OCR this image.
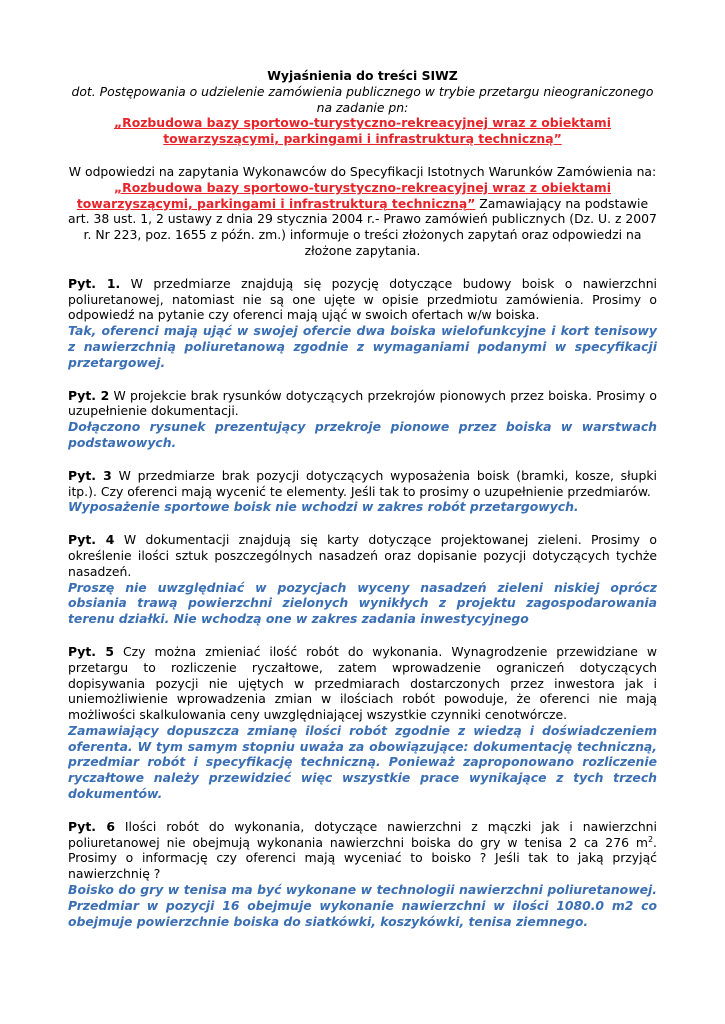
Wyjaśnienia do treści SIWZ
dot. Postępowania o udzielenie zamówienia publicznego w trybie przetargu nieograniczonego
na zadanie pn:
„Rozbudowa bazy sportowo-turystyczno-rekreacyjnej wraz z obiektami
towarzyszącymi, parkingami i infrastrukturą techniczną”
W odpowiedzi na zapytania Wykonawców do Specyfikacji Istotnych Warunków Zamówienia na:
„Rozbudowa bazy sportowo-turystyczno-rekreacyjnej wraz z obiektami
towarzyszącymi, parkingami i infrastrukturą techniczną” Zamawiający na podstawie art. 38 ust. 1, 2 ustawy z dnia 29 stycznia 2004 r.- Prawo zamówień publicznych (Dz. U. z 2007 r. Nr 223, poz. 1655 z późn. zm.) informuje o treści złożonych zapytań oraz odpowiedzi na złożone zapytania.
Pyt. 1. W przedmiarze znajdują się pozycję dotyczące budowy boisk o nawierzchni poliuretanowej, natomiast nie są one ujęte w opisie przedmiotu zamówienia. Prosimy o odpowiedź na pytanie czy oferenci mają ująć w swoich ofertach w/w boiska.
Tak, oferenci mają ująć w swojej ofercie dwa boiska wielofunkcyjne i kort tenisowy z nawierzchnią poliuretanową zgodnie z wymaganiami podanymi w specyfikacji przetargowej.
Pyt. 2 W projekcie brak rysunków dotyczących przekrojów pionowych przez boiska. Prosimy o uzupełnienie dokumentacji.
Dołączono rysunek prezentujący przekroje pionowe przez boiska w warstwach podstawowych.
Pyt. 3 W przedmiarze brak pozycji dotyczących wyposażenia boisk (bramki, kosze, słupki itp.). Czy oferenci mają wycenić te elementy. Jeśli tak to prosimy o uzupełnienie przedmiarów.
Wyposażenie sportowe boisk nie wchodzi w zakres robót przetargowych.
Pyt. 4 W dokumentacji znajdują się karty dotyczące projektowanej zieleni. Prosimy o określenie ilości sztuk poszczególnych nasadzeń oraz dopisanie pozycji dotyczących tychże nasadzeń.
Proszę nie uwzględniać w pozycjach wyceny nasadzeń zieleni niskiej oprócz obsiania trawą powierzchni zielonych wynikłych z projektu zagospodarowania terenu działki. Nie wchodzą one w zakres zadania inwestycyjnego
Pyt. 5 Czy można zmieniać ilość robót do wykonania. Wynagrodzenie przewidziane w przetargu to rozliczenie ryczałtowe, zatem wprowadzenie ograniczeń dotyczących dopisywania pozycji nie ujętych w przedmiarach dostarczonych przez inwestora jak i uniemożliwienie wprowadzenia zmian w ilościach robót powoduje, że oferenci nie mają możliwości skalkulowania ceny uwzględniającej wszystkie czynniki cenotwórcze.
Zamawiający dopuszcza zmianę ilości robót zgodnie z wiedzą i doświadczeniem oferenta. W tym samym stopniu uważa za obowiązujące: dokumentację techniczną, przedmiar robót i specyfikację techniczną. Ponieważ zaproponowano rozliczenie ryczałtowe należy przewidzieć więc wszystkie prace wynikające z tych trzech dokumentów.
Pyt. 6 Ilości robót do wykonania, dotyczące nawierzchni z mączki jak i nawierzchni poliuretanowej nie obejmują wykonania nawierzchni boiska do gry w tenisa 2 ca 276 $m^2$. Prosimy o informację czy oferenci mają wyceniać to boisko ? Jeśli tak to jaką przyjąć nawierzchnię ?
Boisko do gry w tenisa ma być wykonane w technologii nawierzchni poliuretanowej. Przedmiar w pozycji 16 obejmuje wykonanie nawierzchni w ilości 1080.0 m2 co obejmuje powierzchnie boiska do siatkówki, koszykówki, tenisa ziemnego.
